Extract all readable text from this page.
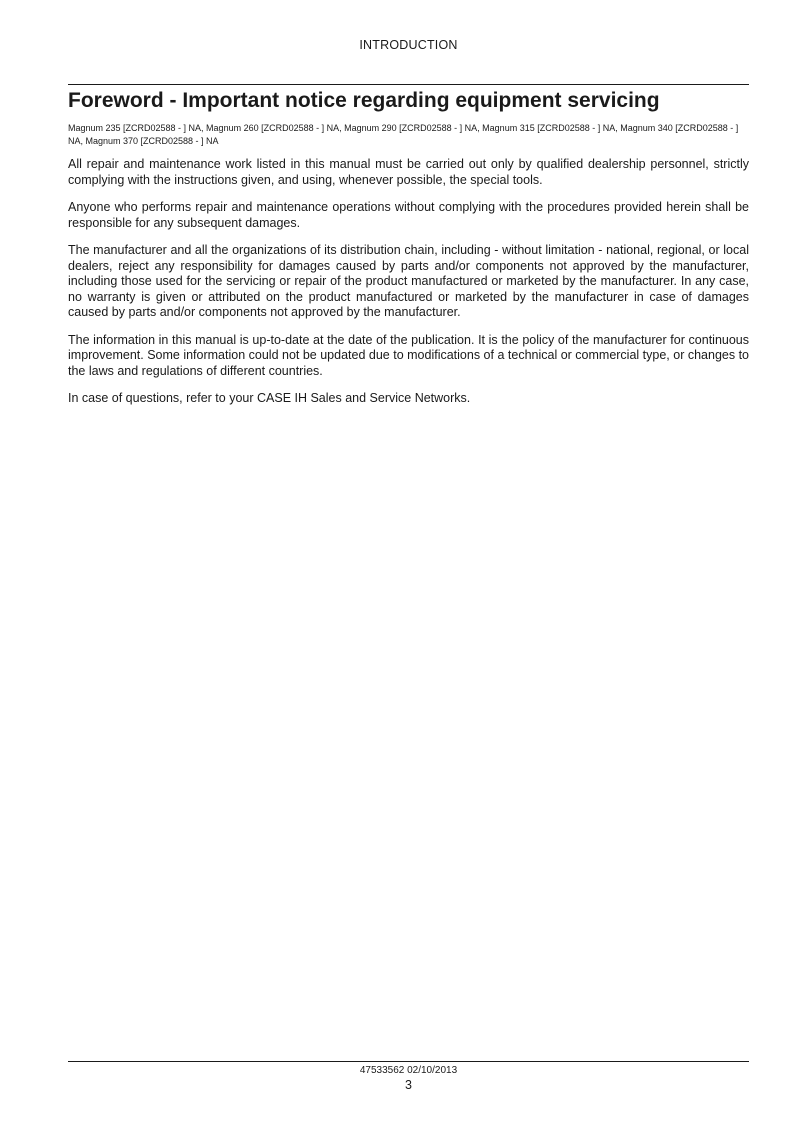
INTRODUCTION
Foreword - Important notice regarding equipment servicing

Magnum 235 [ZCRD02588 - ] NA, Magnum 260 [ZCRD02588 - ] NA, Magnum 290 [ZCRD02588 - ] NA, Magnum 315 [ZCRD02588 - ] NA, Magnum 340 [ZCRD02588 - ] NA, Magnum 370 [ZCRD02588 - ] NA

All repair and maintenance work listed in this manual must be carried out only by qualified dealership personnel, strictly complying with the instructions given, and using, whenever possible, the special tools.

Anyone who performs repair and maintenance operations without complying with the procedures provided herein shall be responsible for any subsequent damages.

The manufacturer and all the organizations of its distribution chain, including - without limitation - national, regional, or local dealers, reject any responsibility for damages caused by parts and/or components not approved by the manufacturer, including those used for the servicing or repair of the product manufactured or marketed by the manufacturer. In any case, no warranty is given or attributed on the product manufactured or marketed by the manufacturer in case of damages caused by parts and/or components not approved by the manufacturer.

The information in this manual is up-to-date at the date of the publication. It is the policy of the manufacturer for continuous improvement. Some information could not be updated due to modifications of a technical or commercial type, or changes to the laws and regulations of different countries.

In case of questions, refer to your CASE IH Sales and Service Networks.

47533562 02/10/2013
3
